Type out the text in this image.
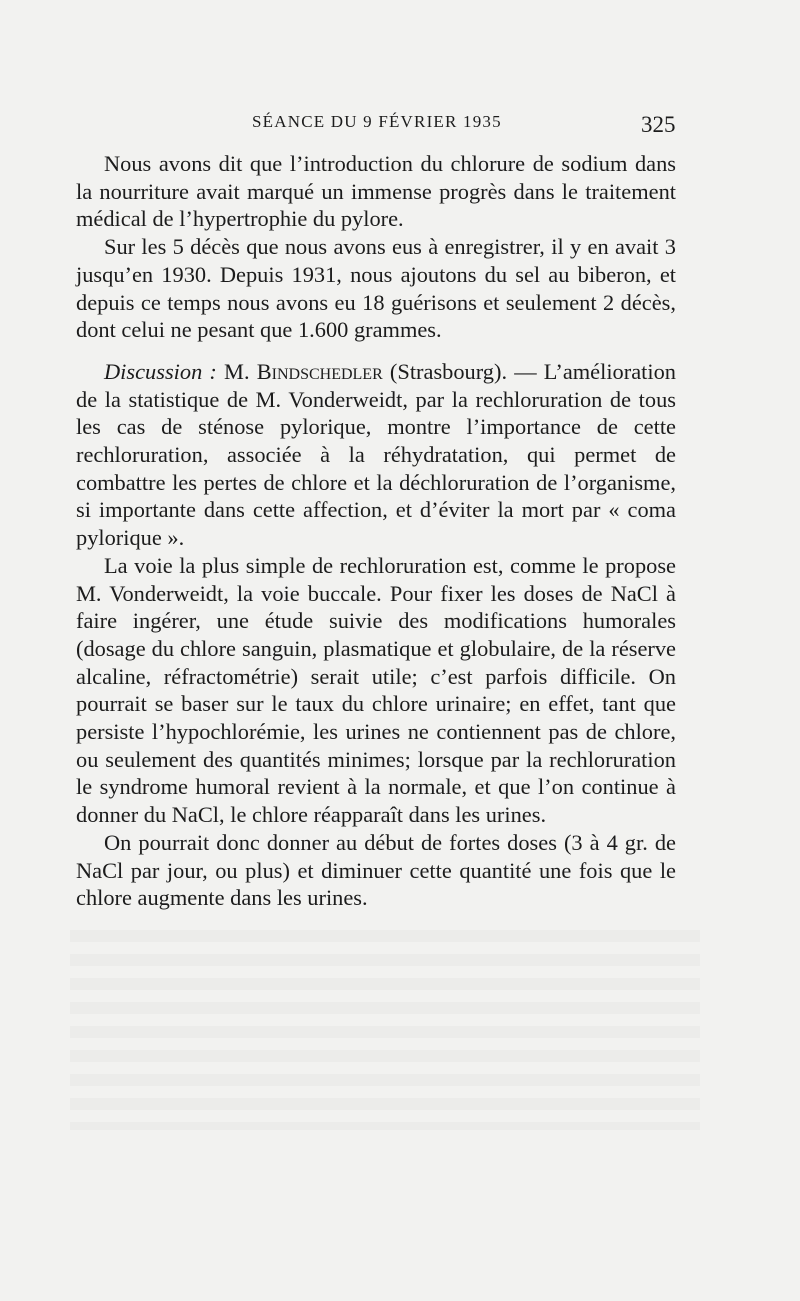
SÉANCE DU 9 FÉVRIER 1935	325

Nous avons dit que l’introduction du chlorure de sodium dans la nourriture avait marqué un immense progrès dans le traitement médical de l’hypertrophie du pylore.

Sur les 5 décès que nous avons eus à enregistrer, il y en avait 3 jusqu’en 1930. Depuis 1931, nous ajoutons du sel au biberon, et depuis ce temps nous avons eu 18 guérisons et seulement 2 décès, dont celui ne pesant que 1.600 grammes.

Discussion : M. Bindschedler (Strasbourg). — L’amélioration de la statistique de M. Vonderweidt, par la rechloruration de tous les cas de sténose pylorique, montre l’importance de cette rechloruration, associée à la réhydratation, qui permet de combattre les pertes de chlore et la déchloruration de l’organisme, si importante dans cette affection, et d’éviter la mort par « coma pylorique ».

La voie la plus simple de rechloruration est, comme le propose M. Vonderweidt, la voie buccale. Pour fixer les doses de NaCl à faire ingérer, une étude suivie des modifications humorales (dosage du chlore sanguin, plasmatique et globulaire, de la réserve alcaline, réfractométrie) serait utile; c’est parfois difficile. On pourrait se baser sur le taux du chlore urinaire; en effet, tant que persiste l’hypochlorémie, les urines ne contiennent pas de chlore, ou seulement des quantités minimes; lorsque par la rechloruration le syndrome humoral revient à la normale, et que l’on continue à donner du NaCl, le chlore réapparaît dans les urines.

On pourrait donc donner au début de fortes doses (3 à 4 gr. de NaCl par jour, ou plus) et diminuer cette quantité une fois que le chlore augmente dans les urines.
